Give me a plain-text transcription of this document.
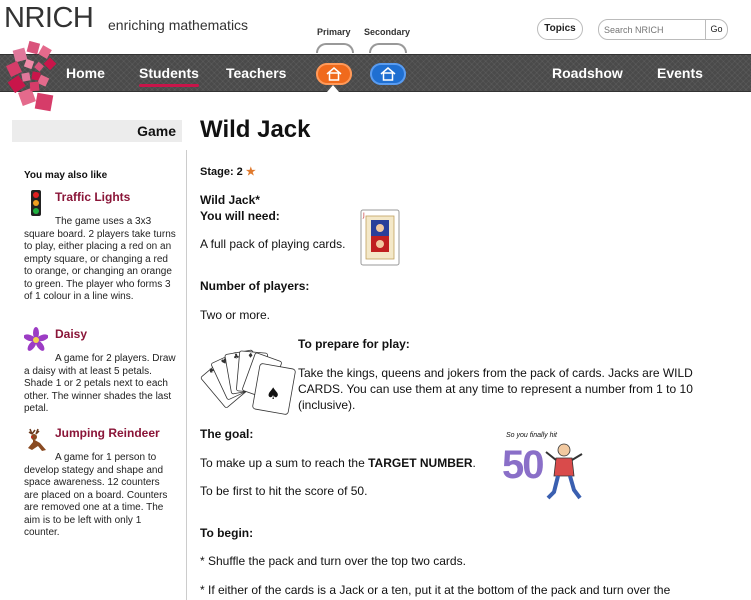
NRICH enriching mathematics	Primary Secondary	Topics
Search NRICH	Go
Home Students Teachers	Roadshow Events
Game
You may also like
Traffic Lights
The game uses a 3x3 square board. 2 players take turns to play, either placing a red on an empty square, or changing a red to orange, or changing an orange to green. The player who forms 3 of 1 colour in a line wins.
Daisy
A game for 2 players. Draw a daisy with at least 5 petals. Shade 1 or 2 petals next to each other. The winner shades the last petal.
Jumping Reindeer
A game for 1 person to develop stategy and shape and space awareness. 12 counters are placed on a board. Counters are removed one at a time. The aim is to be left with only 1 counter.
Wild Jack
Stage: 2 ★
Wild Jack*
You will need:
A full pack of playing cards.
J
Number of players:
Two or more.
♠
♥
♣ ♦
♠
To prepare for play:
Take the kings, queens and jokers from the pack of cards. Jacks are WILD CARDS. You can use them at any time to represent a number from 1 to 10 (inclusive).
The goal:
To make up a sum to reach the TARGET NUMBER.
To be first to hit the score of 50.
So you finally hit
50
To begin:
* Shuffle the pack and turn over the top two cards.
* If either of the cards is a Jack or a ten, put it at the bottom of the pack and turn over the
